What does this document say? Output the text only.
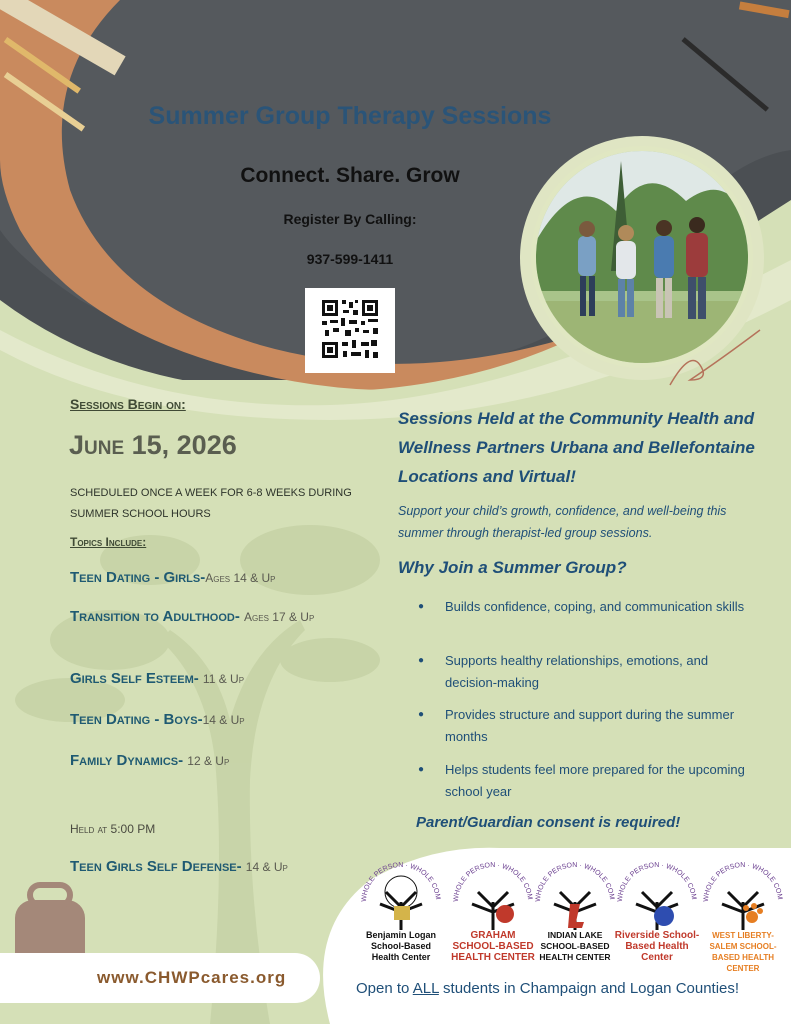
Summer Group Therapy Sessions
Connect. Share. Grow
Register By Calling:
937-599-1411
Sessions Begin on:
June 15, 2026
SCHEDULED ONCE A WEEK FOR 6-8 WEEKS DURING SUMMER SCHOOL HOURS
Topics Include:
Teen Dating - Girls-Ages 14 & Up
Transition to Adulthood- Ages 17 & Up
Girls Self Esteem- 11 & Up
Teen Dating - Boys-14 & Up
Family Dynamics- 12 & Up
Held at 5:00 PM
Teen Girls Self Defense- 14 & Up
Sessions Held at the Community Health and Wellness Partners Urbana and Bellefontaine Locations and Virtual!
Support your child’s growth, confidence, and well-being this summer through therapist-led group sessions.
Why Join a Summer Group?
● Builds confidence, coping, and communication skills
● Supports healthy relationships, emotions, and decision-making
● Provides structure and support during the summer months
● Helps students feel more prepared for the upcoming school year
Parent/Guardian consent is required!
WHOLE PERSON · WHOLE COM
Benjamin Logan School-Based Health Center
WHOLE PERSON · WHOLE COM
GRAHAM SCHOOL-BASED HEALTH CENTER
WHOLE PERSON · WHOLE COM
INDIAN LAKE SCHOOL-BASED HEALTH CENTER
WHOLE PERSON · WHOLE COM
Riverside School-Based Health Center
WHOLE PERSON · WHOLE COM
WEST LIBERTY-SALEM SCHOOL-BASED HEALTH CENTER
Open to ALL students in Champaign and Logan Counties!
www.CHWPcares.org
